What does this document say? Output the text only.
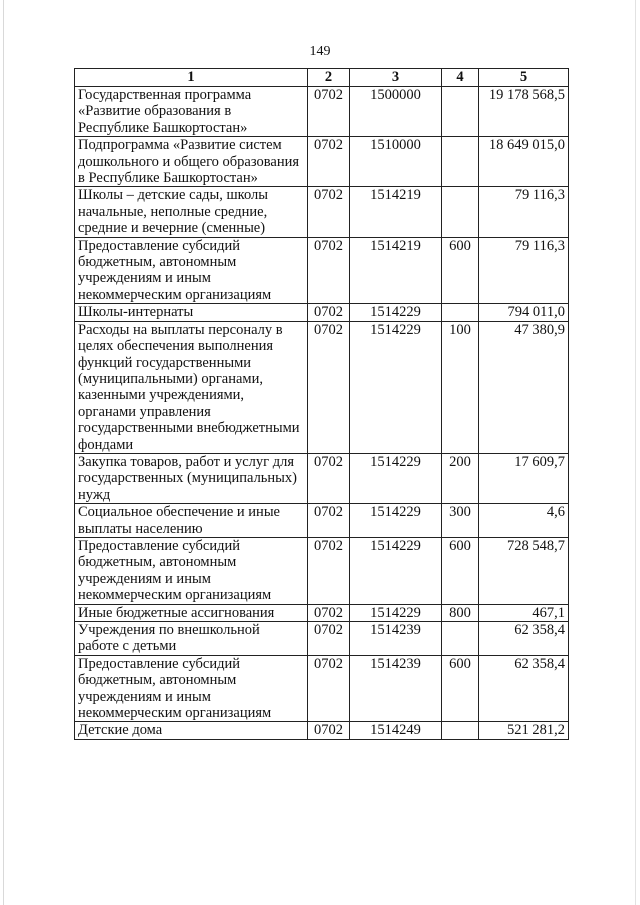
149
1	2	3	4	5
Государственная программа «Развитие образования в Республике Башкортостан»	0702	1500000		19 178 568,5
Подпрограмма «Развитие систем дошкольного и общего образования в Республике Башкортостан»	0702	1510000		18 649 015,0
Школы – детские сады, школы начальные, неполные средние, средние и вечерние (сменные)	0702	1514219		79 116,3
Предоставление субсидий бюджетным, автономным учреждениям и иным некоммерческим организациям	0702	1514219	600	79 116,3
Школы-интернаты	0702	1514229		794 011,0
Расходы на выплаты персоналу в целях обеспечения выполнения функций государственными (муниципальными) органами, казенными учреждениями, органами управления государственными внебюджетными фондами	0702	1514229	100	47 380,9
Закупка товаров, работ и услуг для государственных (муниципальных) нужд	0702	1514229	200	17 609,7
Социальное обеспечение и иные выплаты населению	0702	1514229	300	4,6
Предоставление субсидий бюджетным, автономным учреждениям и иным некоммерческим организациям	0702	1514229	600	728 548,7
Иные бюджетные ассигнования	0702	1514229	800	467,1
Учреждения по внешкольной работе с детьми	0702	1514239		62 358,4
Предоставление субсидий бюджетным, автономным учреждениям и иным некоммерческим организациям	0702	1514239	600	62 358,4
Детские дома	0702	1514249		521 281,2
